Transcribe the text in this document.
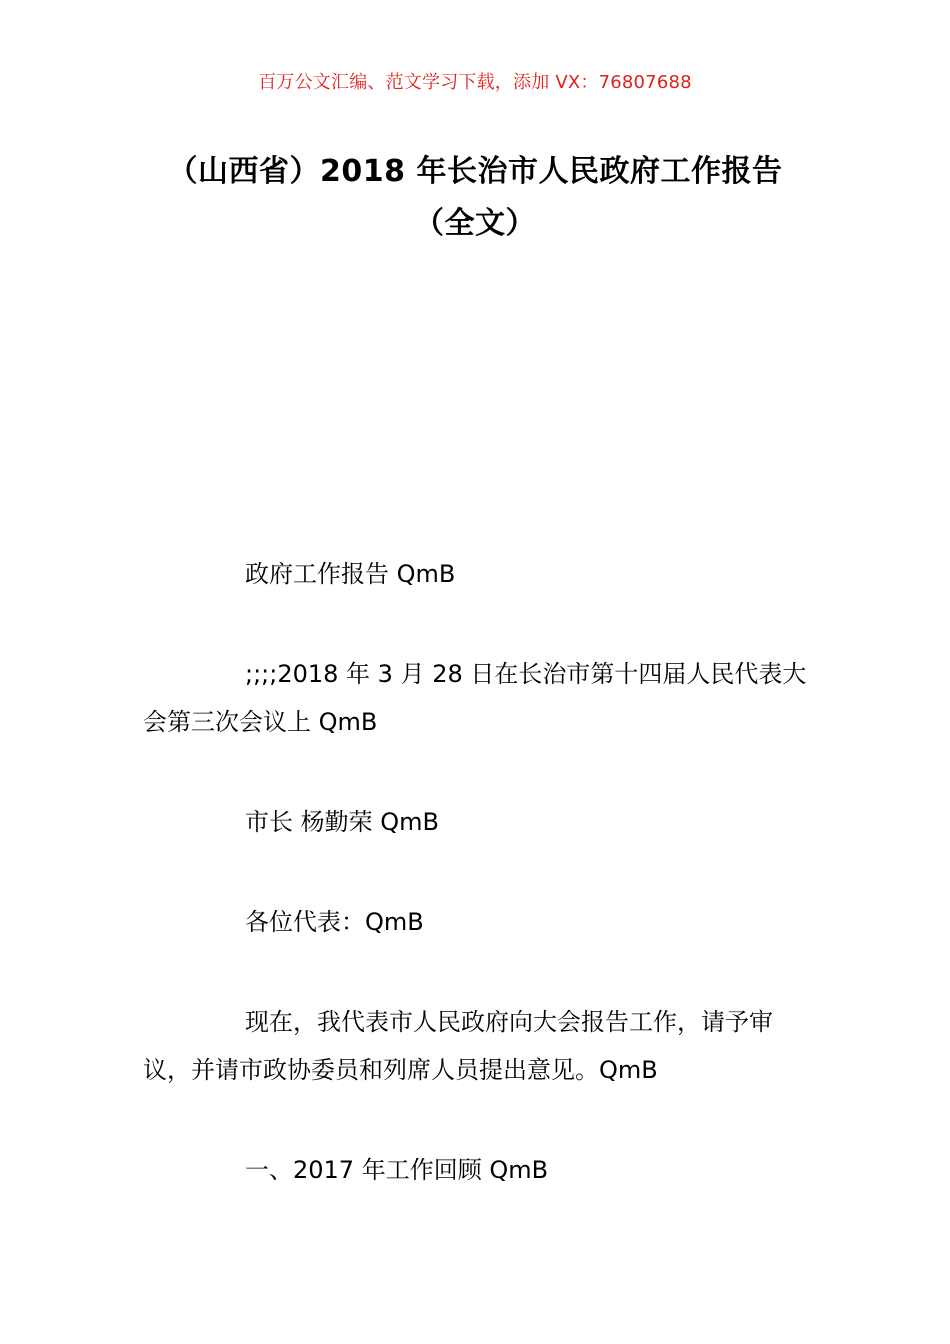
百万公文汇编、范文学习下载，添加 VX：76807688
（山西省）2018 年长治市人民政府工作报告（全文）

政府工作报告 QmB

;;;;2018 年 3 月 28 日在长治市第十四届人民代表大会第三次会议上 QmB

市长 杨勤荣 QmB

各位代表：QmB

现在，我代表市人民政府向大会报告工作，请予审议，并请市政协委员和列席人员提出意见。QmB

一、2017 年工作回顾 QmB
